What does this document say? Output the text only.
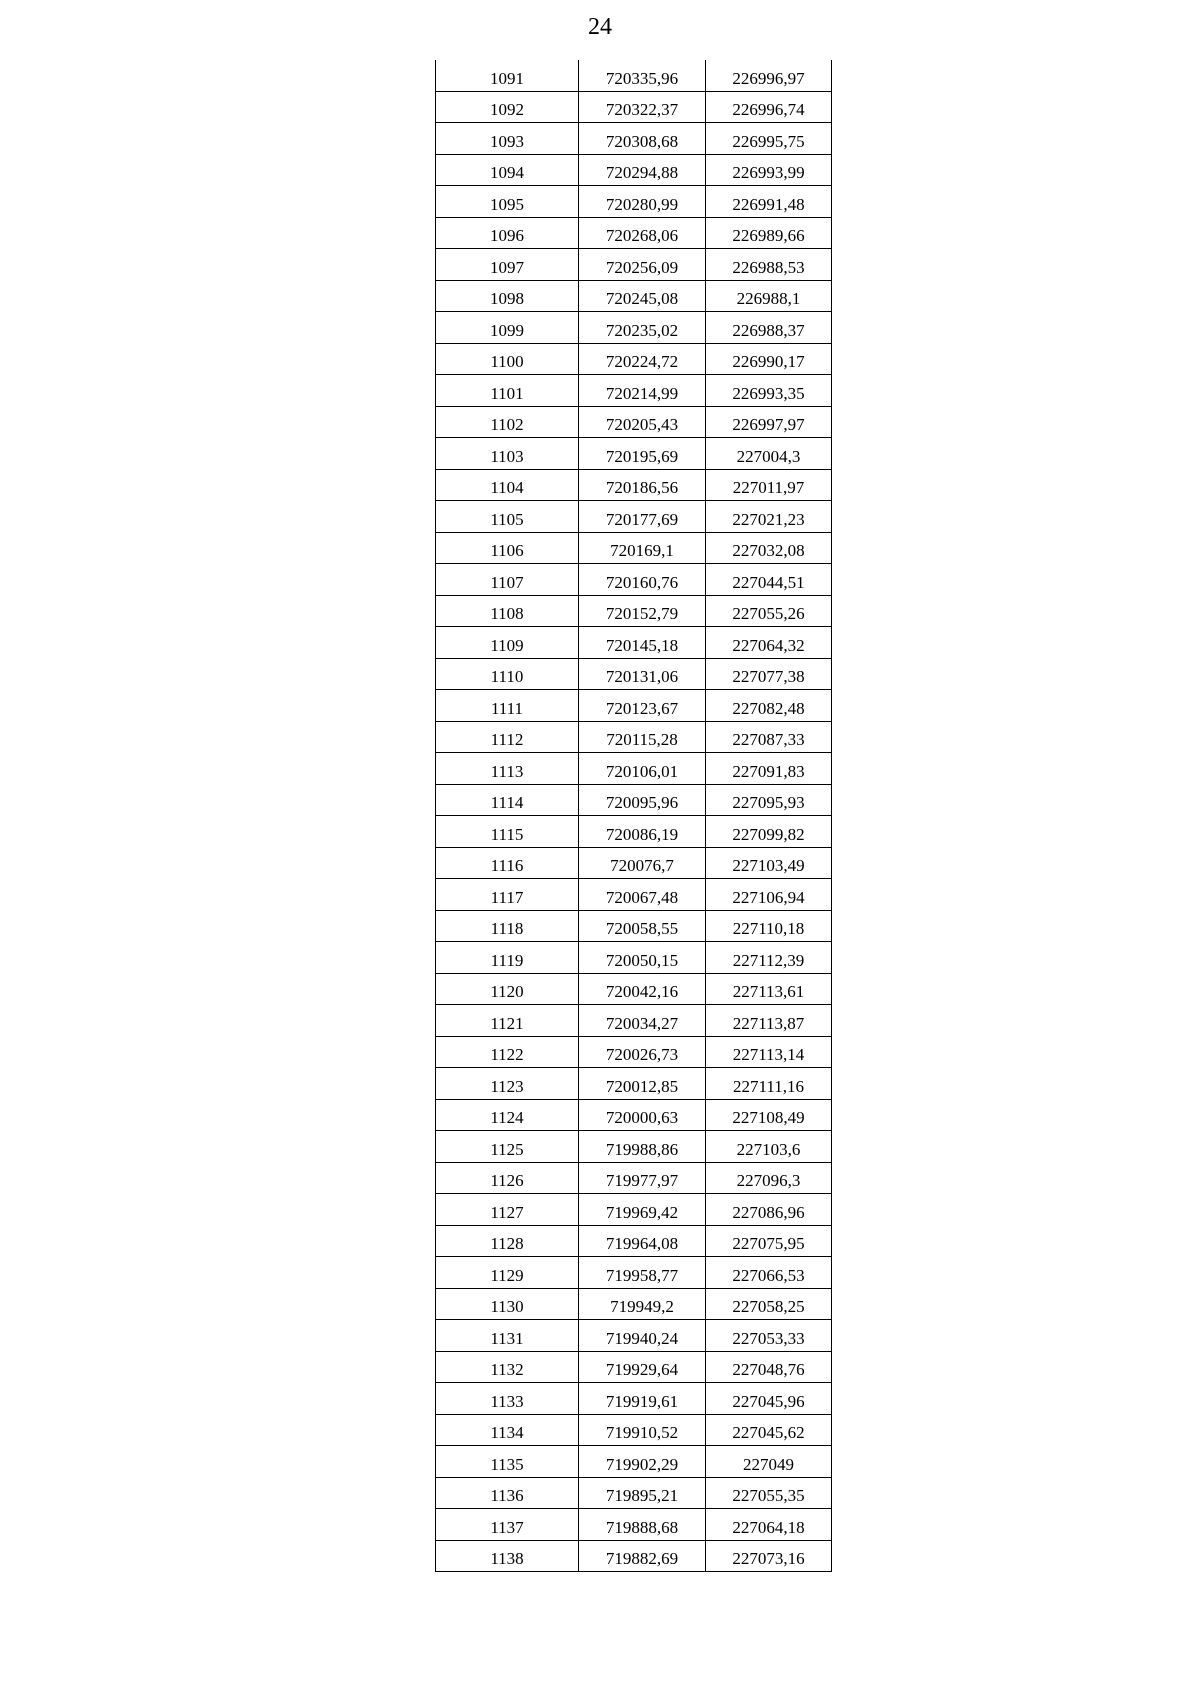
24
1091	720335,96	226996,97
1092	720322,37	226996,74
1093	720308,68	226995,75
1094	720294,88	226993,99
1095	720280,99	226991,48
1096	720268,06	226989,66
1097	720256,09	226988,53
1098	720245,08	226988,1
1099	720235,02	226988,37
1100	720224,72	226990,17
1101	720214,99	226993,35
1102	720205,43	226997,97
1103	720195,69	227004,3
1104	720186,56	227011,97
1105	720177,69	227021,23
1106	720169,1	227032,08
1107	720160,76	227044,51
1108	720152,79	227055,26
1109	720145,18	227064,32
1110	720131,06	227077,38
1111	720123,67	227082,48
1112	720115,28	227087,33
1113	720106,01	227091,83
1114	720095,96	227095,93
1115	720086,19	227099,82
1116	720076,7	227103,49
1117	720067,48	227106,94
1118	720058,55	227110,18
1119	720050,15	227112,39
1120	720042,16	227113,61
1121	720034,27	227113,87
1122	720026,73	227113,14
1123	720012,85	227111,16
1124	720000,63	227108,49
1125	719988,86	227103,6
1126	719977,97	227096,3
1127	719969,42	227086,96
1128	719964,08	227075,95
1129	719958,77	227066,53
1130	719949,2	227058,25
1131	719940,24	227053,33
1132	719929,64	227048,76
1133	719919,61	227045,96
1134	719910,52	227045,62
1135	719902,29	227049
1136	719895,21	227055,35
1137	719888,68	227064,18
1138	719882,69	227073,16
